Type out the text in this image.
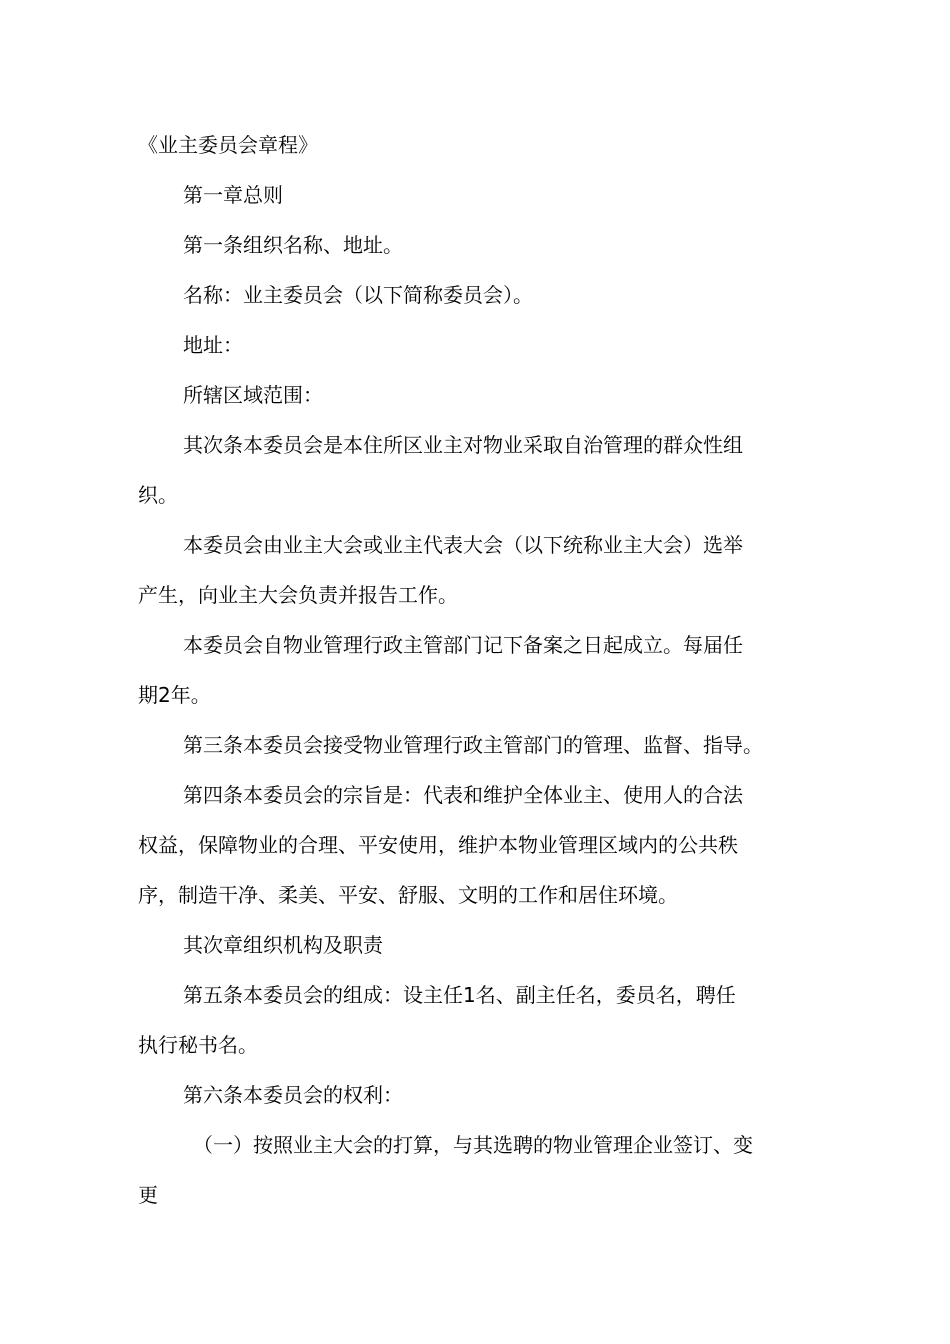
《业主委员会章程》
第一章总则
第一条组织名称、地址。
名称：业主委员会（以下简称委员会）。
地址：
所辖区域范围：
其次条本委员会是本住所区业主对物业采取自治管理的群众性组
织。
本委员会由业主大会或业主代表大会（以下统称业主大会）选举
产生，向业主大会负责并报告工作。
本委员会自物业管理行政主管部门记下备案之日起成立。每届任
期2年。
第三条本委员会接受物业管理行政主管部门的管理、监督、指导。
第四条本委员会的宗旨是：代表和维护全体业主、使用人的合法
权益，保障物业的合理、平安使用，维护本物业管理区域内的公共秩
序，制造干净、柔美、平安、舒服、文明的工作和居住环境。
其次章组织机构及职责
第五条本委员会的组成：设主任1名、副主任名，委员名，聘任
执行秘书名。
第六条本委员会的权利：
（一）按照业主大会的打算，与其选聘的物业管理企业签订、变
更
